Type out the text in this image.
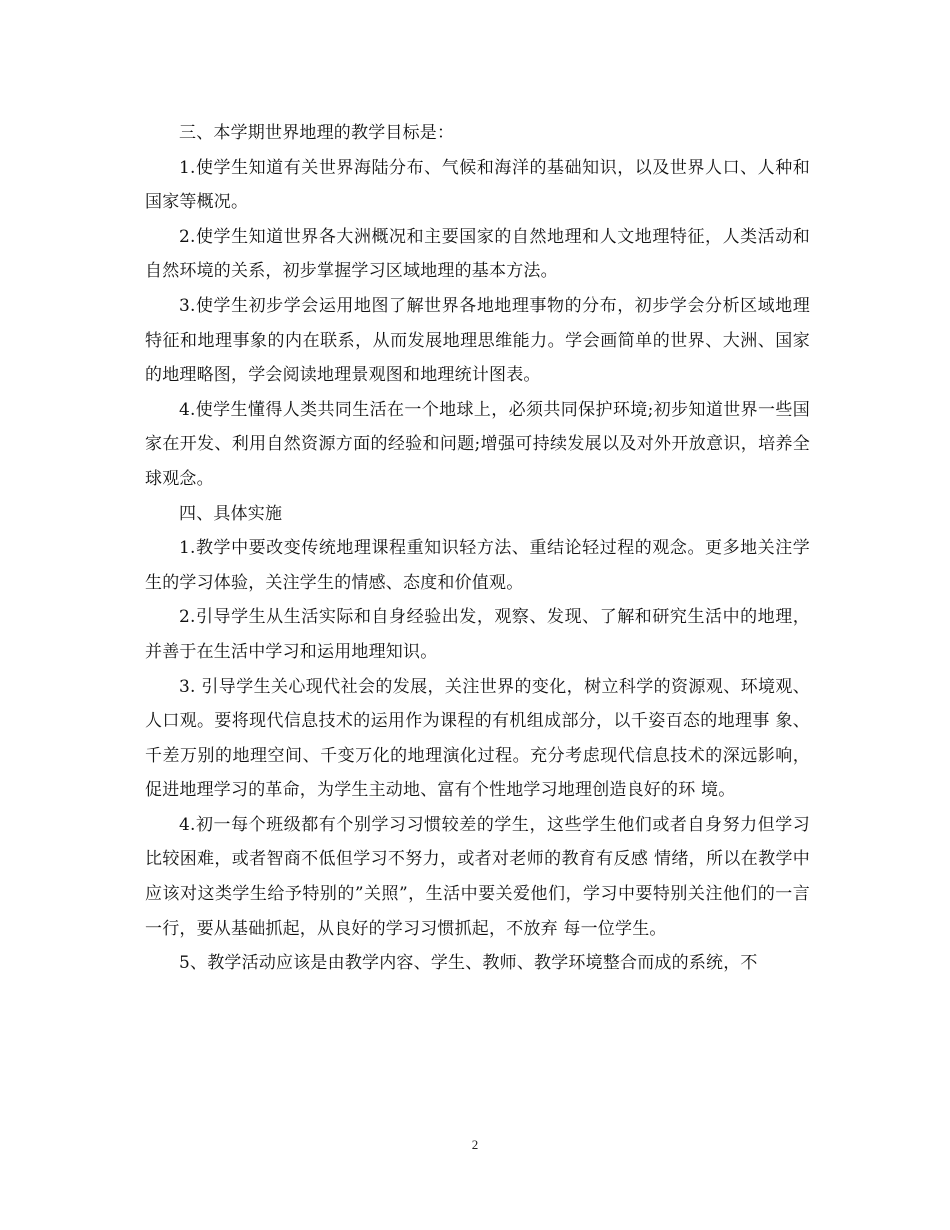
三、本学期世界地理的教学目标是：

1.使学生知道有关世界海陆分布、气候和海洋的基础知识，以及世界人口、人种和国家等概况。

2.使学生知道世界各大洲概况和主要国家的自然地理和人文地理特征，人类活动和自然环境的关系，初步掌握学习区域地理的基本方法。

3.使学生初步学会运用地图了解世界各地地理事物的分布，初步学会分析区域地理特征和地理事象的内在联系，从而发展地理思维能力。学会画简单的世界、大洲、国家的地理略图，学会阅读地理景观图和地理统计图表。

4.使学生懂得人类共同生活在一个地球上，必须共同保护环境;初步知道世界一些国家在开发、利用自然资源方面的经验和问题;增强可持续发展以及对外开放意识，培养全球观念。

四、具体实施

1.教学中要改变传统地理课程重知识轻方法、重结论轻过程的观念。更多地关注学生的学习体验，关注学生的情感、态度和价值观。

2.引导学生从生活实际和自身经验出发，观察、发现、了解和研究生活中的地理，并善于在生活中学习和运用地理知识。

3. 引导学生关心现代社会的发展，关注世界的变化，树立科学的资源观、环境观、人口观。要将现代信息技术的运用作为课程的有机组成部分，以千姿百态的地理事 象、千差万别的地理空间、千变万化的地理演化过程。充分考虑现代信息技术的深远影响，促进地理学习的革命，为学生主动地、富有个性地学习地理创造良好的环 境。

4.初一每个班级都有个别学习习惯较差的学生，这些学生他们或者自身努力但学习比较困难，或者智商不低但学习不努力，或者对老师的教育有反感 情绪，所以在教学中应该对这类学生给予特别的”关照”，生活中要关爱他们，学习中要特别关注他们的一言一行，要从基础抓起，从良好的学习习惯抓起，不放弃 每一位学生。

5、教学活动应该是由教学内容、学生、教师、教学环境整合而成的系统，不

2
